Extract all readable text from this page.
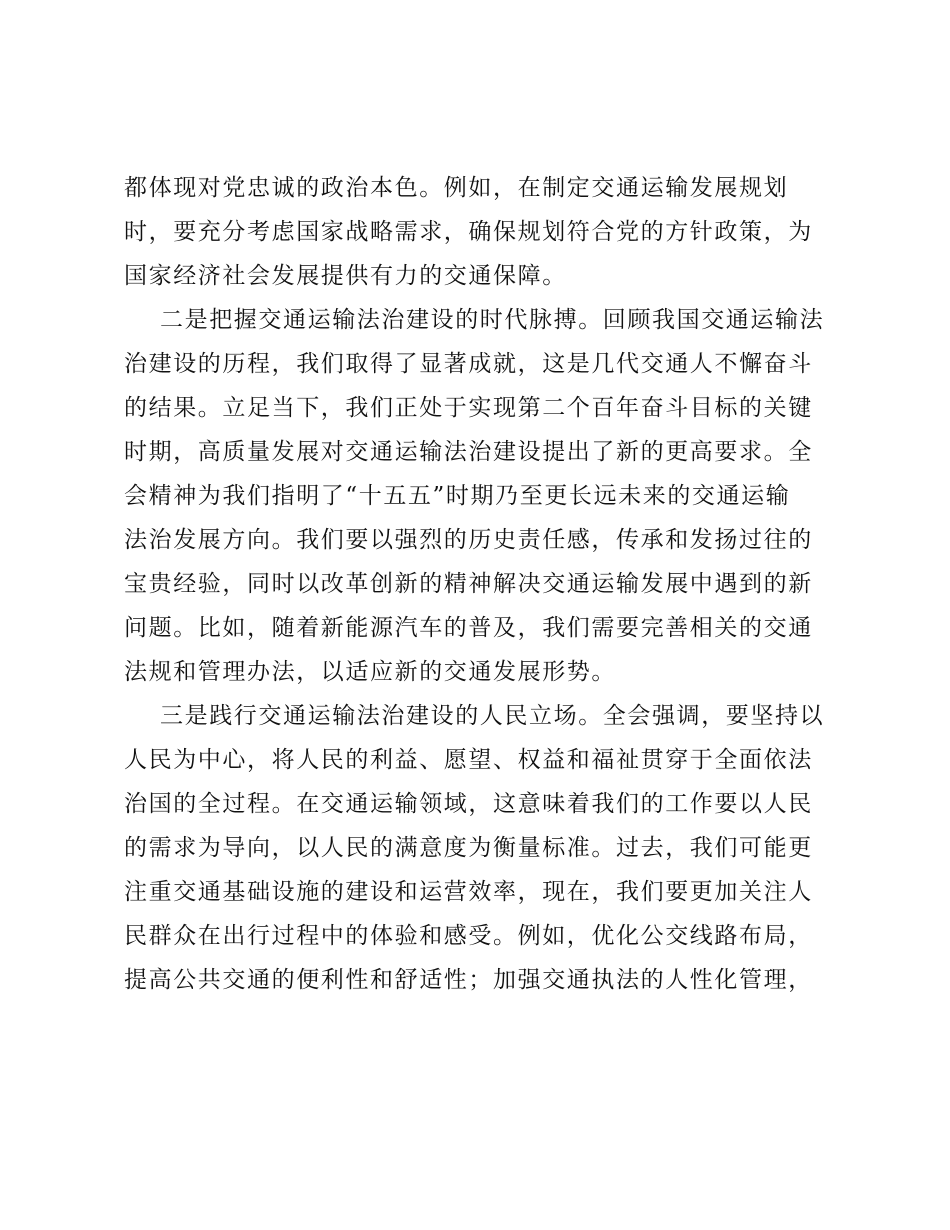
都体现对党忠诚的政治本色。例如，在制定交通运输发展规划
时，要充分考虑国家战略需求，确保规划符合党的方针政策，为
国家经济社会发展提供有力的交通保障。
二是把握交通运输法治建设的时代脉搏。回顾我国交通运输法
治建设的历程，我们取得了显著成就，这是几代交通人不懈奋斗
的结果。立足当下，我们正处于实现第二个百年奋斗目标的关键
时期，高质量发展对交通运输法治建设提出了新的更高要求。全
会精神为我们指明了“十五五”时期乃至更长远未来的交通运输
法治发展方向。我们要以强烈的历史责任感，传承和发扬过往的
宝贵经验，同时以改革创新的精神解决交通运输发展中遇到的新
问题。比如，随着新能源汽车的普及，我们需要完善相关的交通
法规和管理办法，以适应新的交通发展形势。
三是践行交通运输法治建设的人民立场。全会强调，要坚持以
人民为中心，将人民的利益、愿望、权益和福祉贯穿于全面依法
治国的全过程。在交通运输领域，这意味着我们的工作要以人民
的需求为导向，以人民的满意度为衡量标准。过去，我们可能更
注重交通基础设施的建设和运营效率，现在，我们要更加关注人
民群众在出行过程中的体验和感受。例如，优化公交线路布局，
提高公共交通的便利性和舒适性；加强交通执法的人性化管理，
